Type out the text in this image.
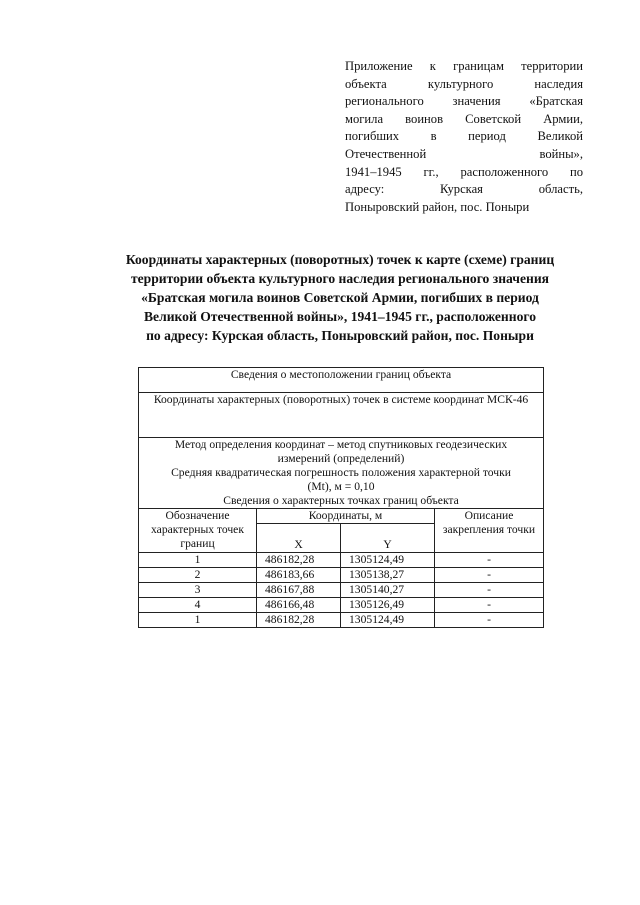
Приложение к границам территории
объекта культурного наследия
регионального значения «Братская
могила воинов Советской Армии,
погибших в период Великой
Отечественной войны»,
1941–1945 гг., расположенного по
адресу: Курская область,
Поныровский район, пос. Поныри
Координаты характерных (поворотных) точек к карте (схеме) границ
территории объекта культурного наследия регионального значения
«Братская могила воинов Советской Армии, погибших в период
Великой Отечественной войны», 1941–1945 гг., расположенного
по адресу: Курская область, Поныровский район, пос. Поныри
Сведения о местоположении границ объекта			
Координаты характерных (поворотных) точек в системе координат МСК-46			

Метод определения координат – метод спутниковых геодезических
измерений (определений)
Средняя квадратическая погрешность положения характерной точки
(Mt), м = 0,10
Сведения о характерных точках границ объекта			

Обозначение характерных точек границ	Координаты, м		Описание закрепления точки
	X	Y	
1	486182,28	1305124,49	-
2	486183,66	1305138,27	-
3	486167,88	1305140,27	-
4	486166,48	1305126,49	-
1	486182,28	1305124,49	-
